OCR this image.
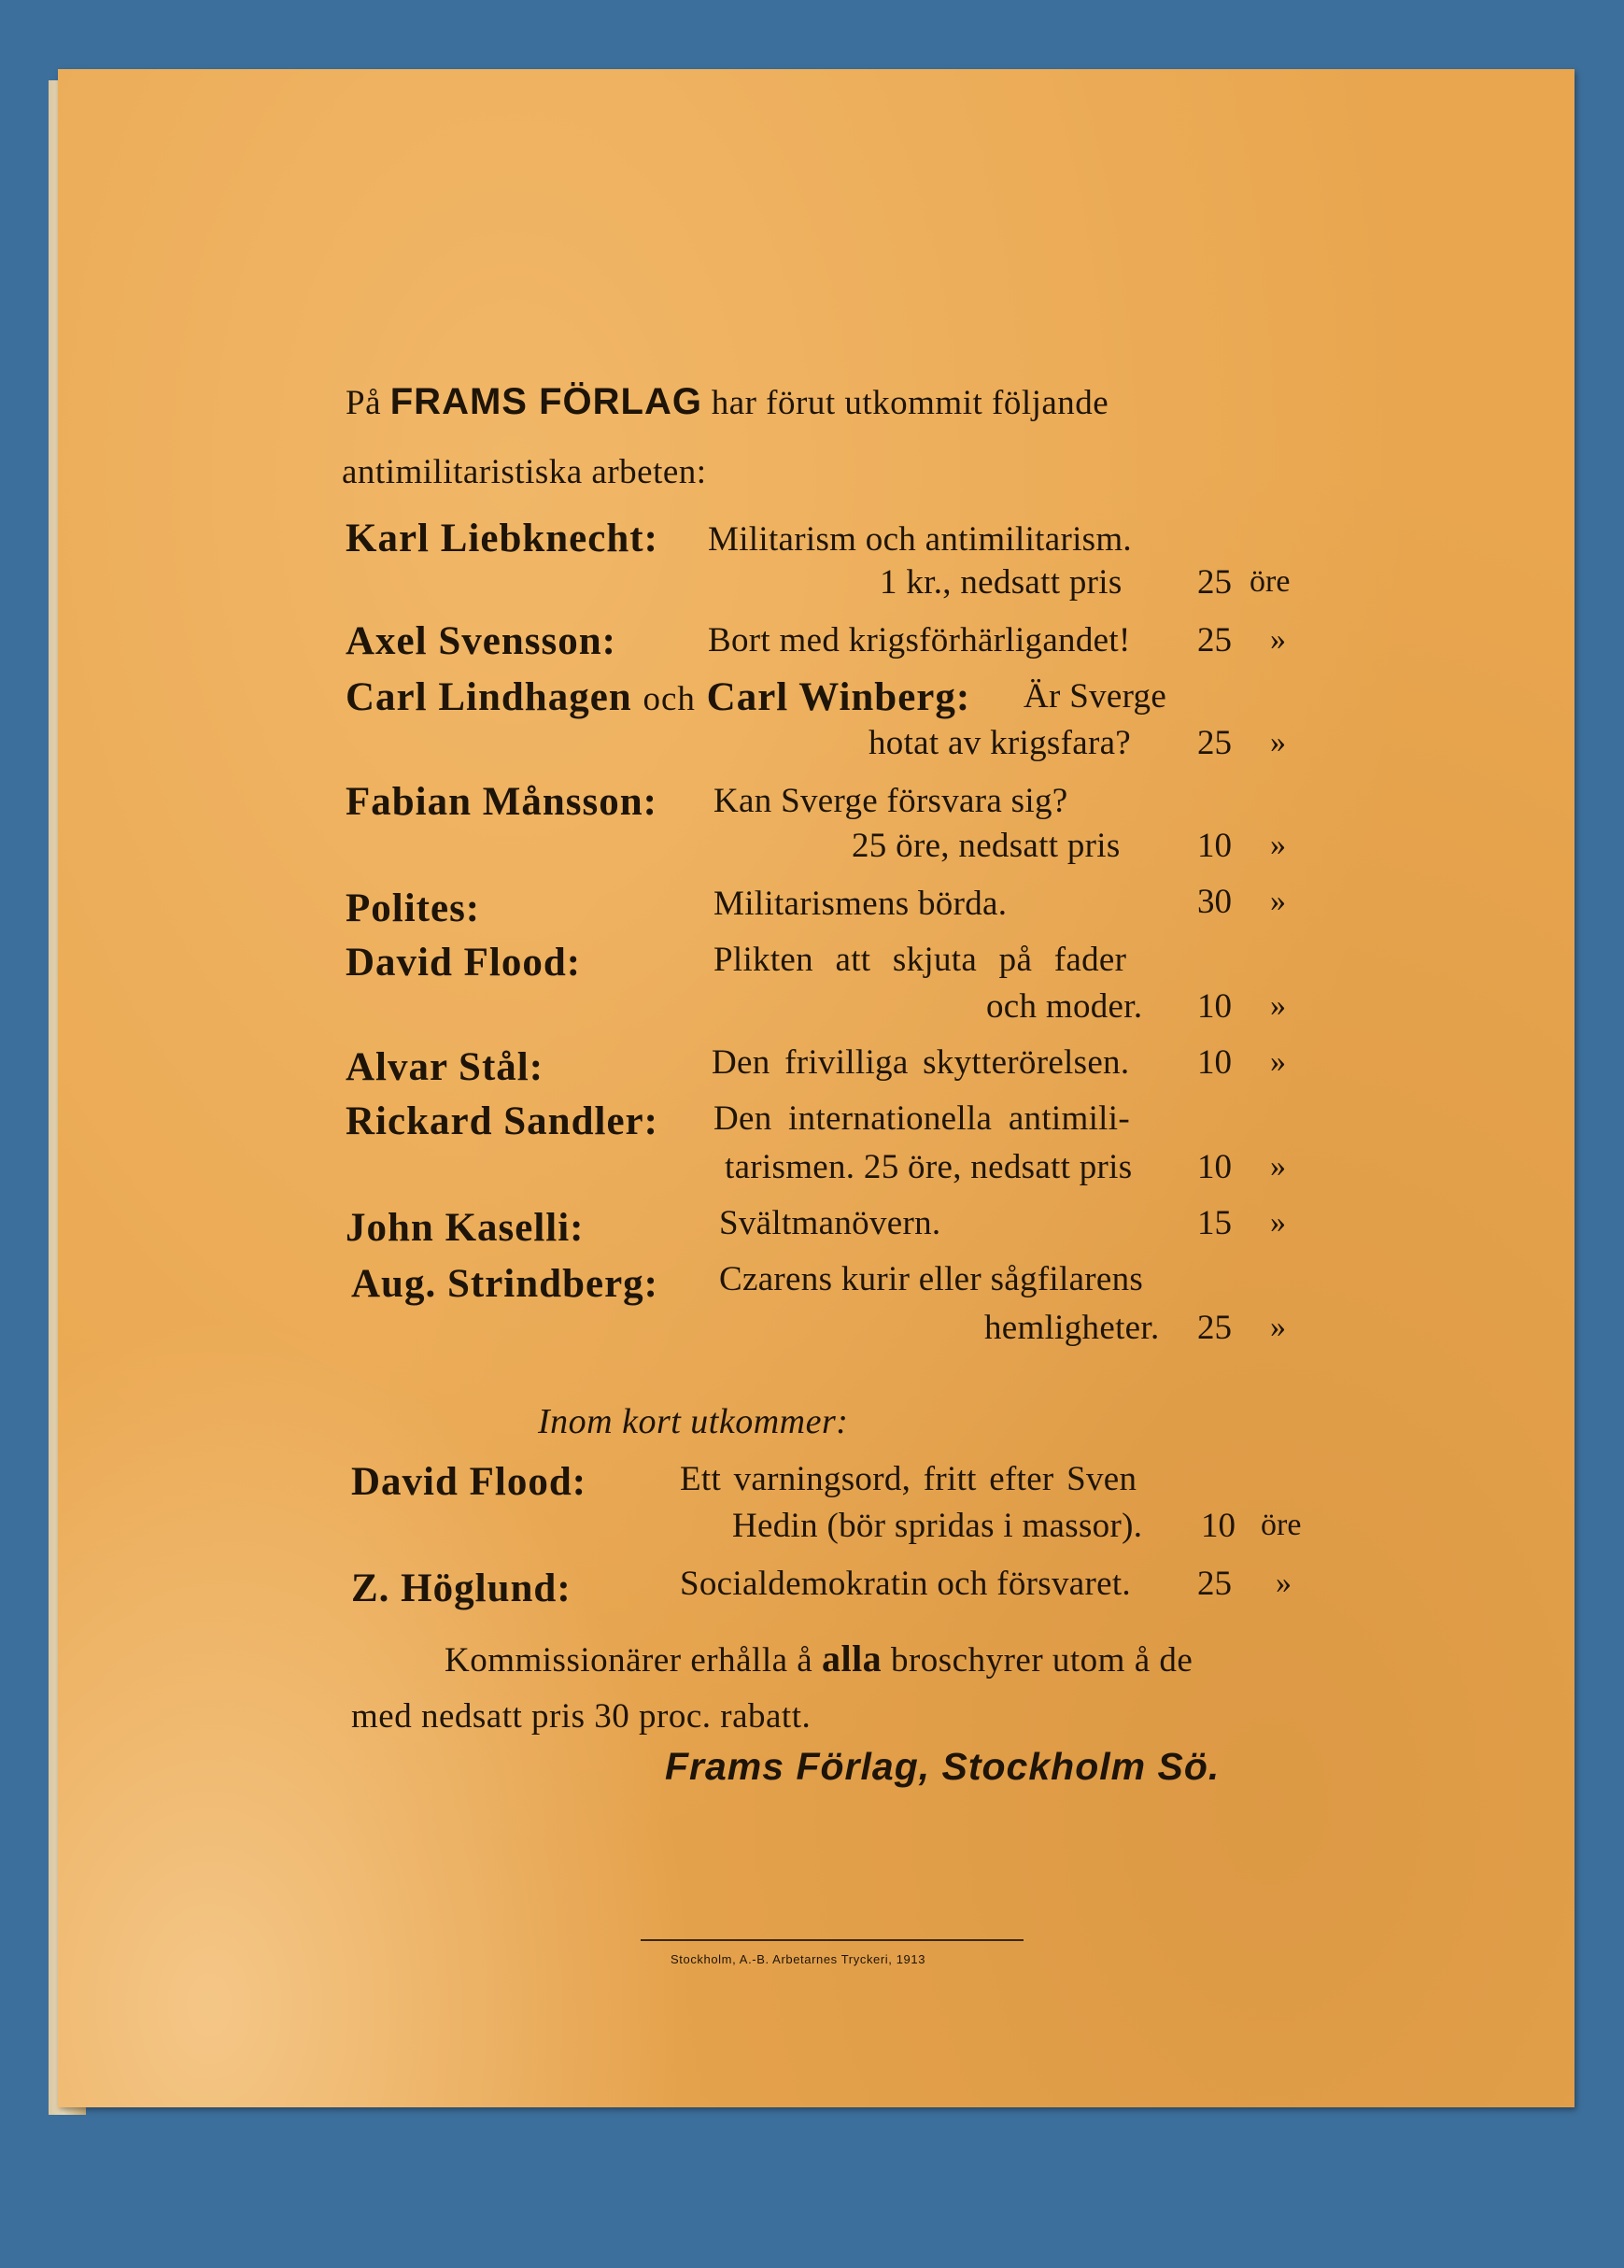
På FRAMS FÖRLAG har förut utkommit följande
antimilitaristiska arbeten:
Karl Liebknecht: Militarism och antimilitarism.
1 kr., nedsatt pris 25 öre
Axel Svensson:	Bort med krigsförhärligandet! 25 »
Carl Lindhagen och Carl Winberg: Är Sverge
hotat av krigsfara? 25 »
Fabian Månsson: Kan Sverge försvara sig?
25 öre, nedsatt pris 10 »
Polites:	Militarismens börda.	30 »
David Flood:	Plikten att skjuta på fader
och moder. 10 »
Alvar Stål:	Den frivilliga skytterörelsen. 10 »
Rickard Sandler: Den internationella antimili-
tarismen. 25 öre, nedsatt pris 10 »
John Kaselli:	Svältmanövern.	15 »
Aug. Strindberg: Czarens kurir eller sågfilarens
hemligheter. 25 »
Inom kort utkommer:
David Flood:	Ett varningsord, fritt efter Sven
Hedin (bör spridas i massor). 10 öre
Z. Höglund:	Socialdemokratin och försvaret. 25 »
Kommissionärer erhålla å alla broschyrer utom å de
med nedsatt pris 30 proc. rabatt.
Frams Förlag, Stockholm Sö.
Stockholm, A.-B. Arbetarnes Tryckeri, 1913
